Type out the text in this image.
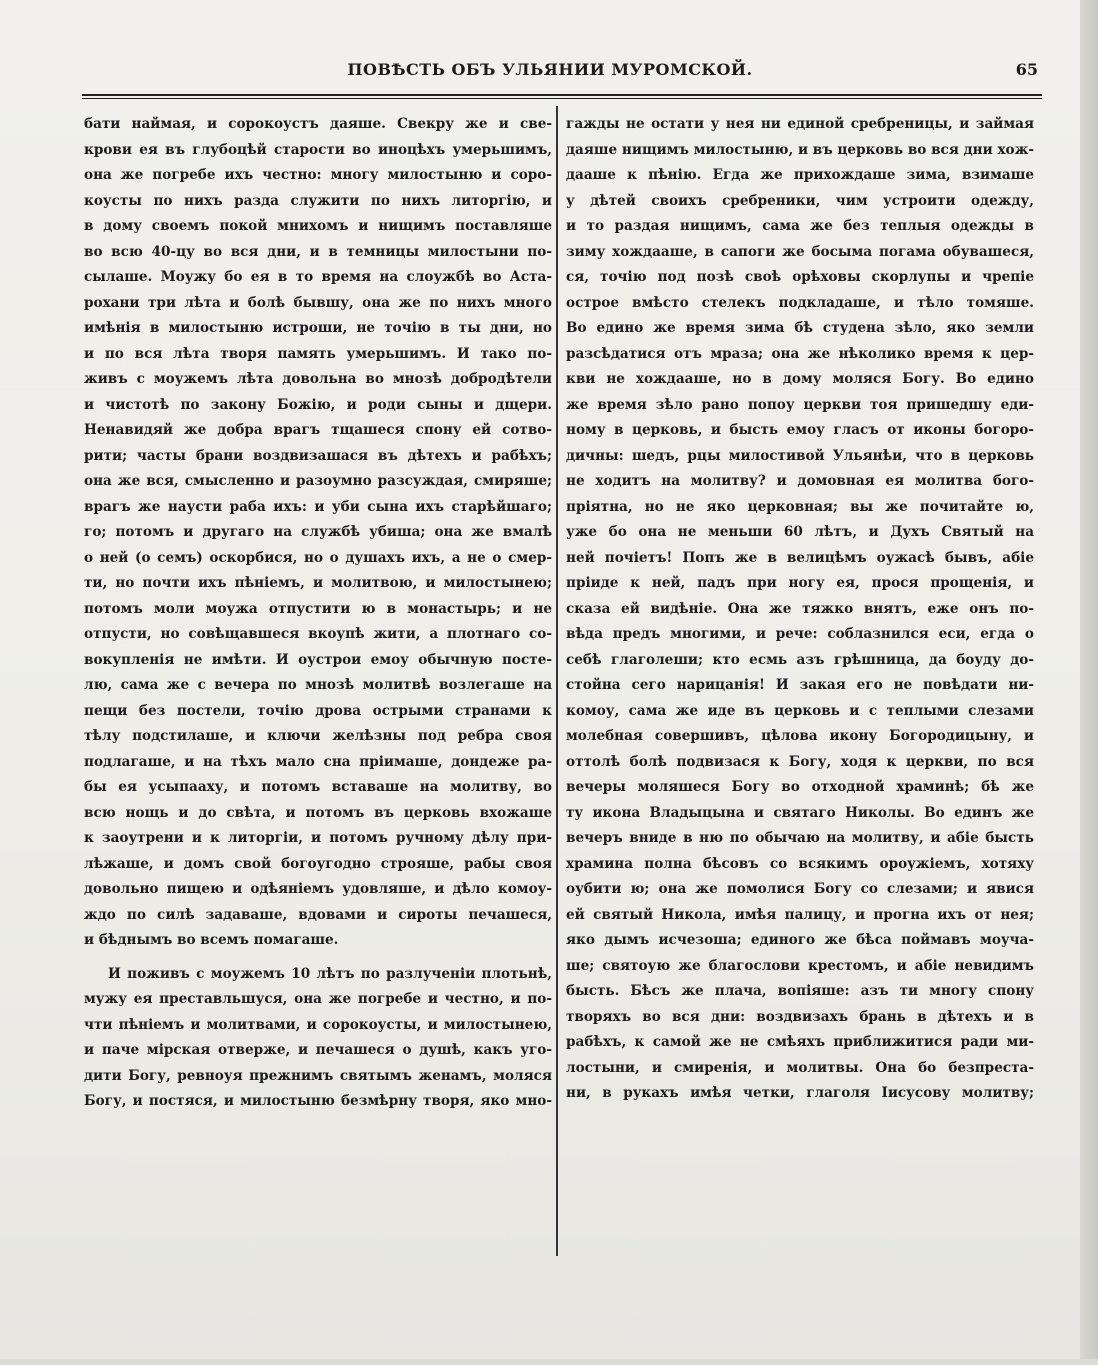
ПОВѢСТЬ ОБЪ УЛЬЯНИИ МУРОМСКОЙ.	65
бати наймая, и сорокоустъ даяше. Свекру же и све-
крови ея въ глубоцѣй старости во иноцѣхъ умерьшимъ,
она же погребе ихъ честно: многу милостыню и соро-
коусты по нихъ разда служити по нихъ литоргію, и
в дому своемъ покой мнихомъ и нищимъ поставляше
во всю 40-цу во вся дни, и в темницы милостыни по-
сылаше. Моужу бо ея в то время на слоужбѣ во Аста-
рохани три лѣта и болѣ бывшу, она же по нихъ много
имѣнія в милостыню истроши, не точію в ты дни, но
и по вся лѣта творя память умерьшимъ. И тако по-
живъ с моужемъ лѣта довольна во мнозѣ добродѣтели
и чистотѣ по закону Божію, и роди сыны и дщери.
Ненавидяй же добра врагъ тщашеся спону ей сотво-
рити; часты брани воздвизашася въ дѣтехъ и рабѣхъ;
она же вся, смысленно и разоумно разсуждая, смиряше;
врагъ же наусти раба ихъ: и уби сына ихъ старѣйшаго;
го; потомъ и другаго на службѣ убиша; она же вмалѣ
о ней (о семъ) оскорбися, но о душахъ ихъ, а не о смер-
ти, но почти ихъ пѣніемъ, и молитвою, и милостынею;
потомъ моли моужа отпустити ю в монастырь; и не
отпусти, но совѣщавшеся вкоупѣ жити, а плотнаго со-
вокупленія не имѣти. И оустрои емоу обычную посте-
лю, сама же с вечера по мнозѣ молитвѣ возлегаше на
пещи без постели, точію дрова острыми странами к
тѣлу подстилаше, и ключи желѣзны под ребра своя
подлагаше, и на тѣхъ мало сна пріимаше, дондеже ра-
бы ея усыпааху, и потомъ вставаше на молитву, во
всю нощь и до свѣта, и потомъ въ церковь вхожаше
к заоутрени и к литоргіи, и потомъ ручному дѣлу при-
лѣжаше, и домъ свой богоугодно строяше, рабы своя
довольно пищею и одѣяніемъ удовляше, и дѣло комоу-
ждо по силѣ задаваше, вдовами и сироты печашеся,
и бѣднымъ во всемъ помагаше.
И поживъ с моужемъ 10 лѣтъ по разлученіи плотьнѣ,
мужу ея преставльшуся, она же погребе и честно, и по-
чти пѣніемъ и молитвами, и сорокоусты, и милостынею,
и паче мірская отверже, и печашеся о душѣ, какъ уго-
дити Богу, ревноуя прежнимъ святымъ женамъ, моляся
Богу, и постяся, и милостыню безмѣрну творя, яко мно-
гажды не остати у нея ни единой сребреницы, и займая
даяше нищимъ милостыню, и въ церковь во вся дни хож-
дааше к пѣнію. Егда же прихождаше зима, взимаше
у дѣтей своихъ сребреники, чим устроити одежду,
и то раздая нищимъ, сама же без теплыя одежды в
зиму хождааше, в сапоги же босыма погама обувашеся,
ся, точію под позѣ своѣ орѣховы скорлупы и чрепіе
острое вмѣсто стелекъ подкладаше, и тѣло томяше.
Во едино же время зима бѣ студена зѣло, яко земли
разсѣдатися отъ мраза; она же нѣколико время к цер-
кви не хождааше, но в дому моляся Богу. Во едино
же время зѣло рано попоу церкви тоя пришедшу еди-
ному в церковь, и бысть емоу гласъ от иконы богоро-
дичны: шедъ, рцы милостивой Ульянѣи, что в церковь
не ходитъ на молитву? и домовная ея молитва бого-
пріятна, но не яко церковная; вы же почитайте ю,
уже бо она не меньши 60 лѣтъ, и Духъ Святый на
ней почіетъ! Попъ же в велицѣмъ оужасѣ бывъ, абіе
пріиде к ней, падъ при ногу ея, прося прощенія, и
сказа ей видѣніе. Она же тяжко внятъ, еже онъ по-
вѣда предъ многими, и рече: соблазнился еси, егда о
себѣ глаголеши; кто есмь азъ грѣшница, да боуду до-
стойна сего нарицанія! И закая его не повѣдати ни-
комоу, сама же иде въ церковь и с теплыми слезами
молебная совершивъ, цѣлова икону Богородицыну, и
оттолѣ болѣ подвизася к Богу, ходя к церкви, по вся
вечеры моляшеся Богу во отходной храминѣ; бѣ же
ту икона Владыцына и святаго Николы. Во единъ же
вечеръ вниде в ню по обычаю на молитву, и абіе бысть
храмина полна бѣсовъ со всякимъ ороужіемъ, хотяху
оубити ю; она же помолися Богу со слезами; и явися
ей святый Никола, имѣя палицу, и прогна ихъ от нея;
яко дымъ исчезоша; единого же бѣса поймавъ моуча-
ше; святоую же благослови крестомъ, и абіе невидимъ
бысть. Бѣсъ же плача, вопіяше: азъ ти многу спону
творяхъ во вся дни: воздвизахъ брань в дѣтехъ и в
рабѣхъ, к самой же не смѣяхъ приближитися ради ми-
лостыни, и смиренія, и молитвы. Она бо безпреста-
ни, в рукахъ имѣя четки, глаголя Іисусову молитву;
